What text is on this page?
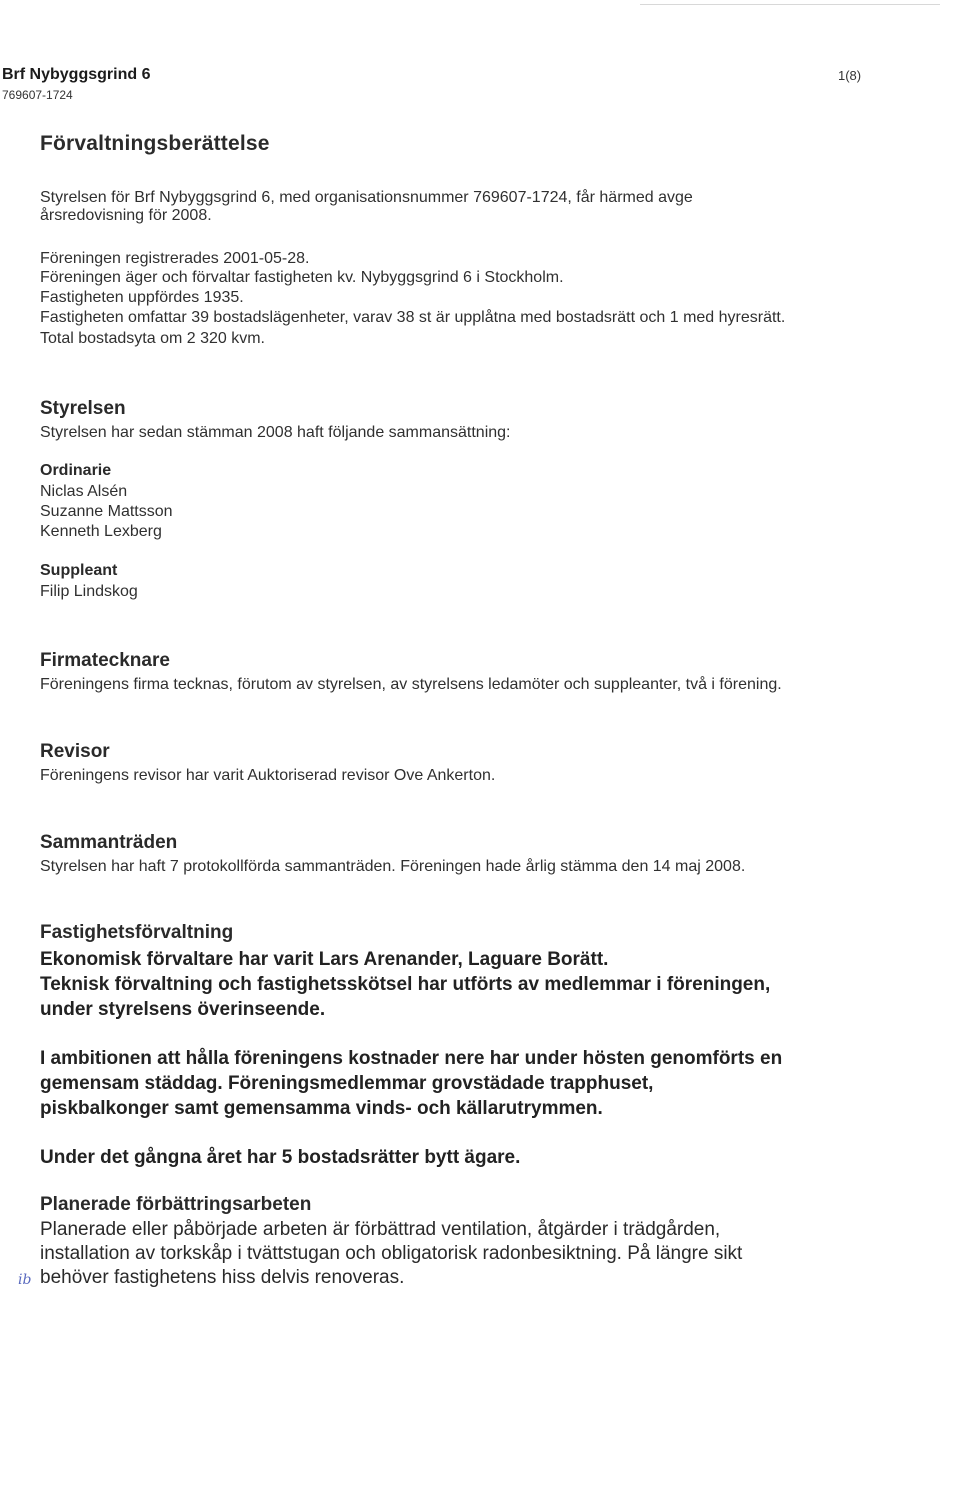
Brf Nybyggsgrind 6
769607-1724
1(8)
Förvaltningsberättelse
Styrelsen för Brf Nybyggsgrind 6, med organisationsnummer 769607-1724, får härmed avge
årsredovisning för 2008.
Föreningen registrerades 2001-05-28.
Föreningen äger och förvaltar fastigheten kv. Nybyggsgrind 6 i Stockholm.
Fastigheten uppfördes 1935.
Fastigheten omfattar 39 bostadslägenheter, varav 38 st är upplåtna med bostadsrätt och 1 med hyresrätt.
Total bostadsyta om 2 320 kvm.
Styrelsen
Styrelsen har sedan stämman 2008 haft följande sammansättning:
Ordinarie
Niclas Alsén
Suzanne Mattsson
Kenneth Lexberg
Suppleant
Filip Lindskog
Firmatecknare
Föreningens firma tecknas, förutom av styrelsen, av styrelsens ledamöter och suppleanter, två i förening.
Revisor
Föreningens revisor har varit Auktoriserad revisor Ove Ankerton.
Sammanträden
Styrelsen har haft 7 protokollförda sammanträden. Föreningen hade årlig stämma den 14 maj 2008.
Fastighetsförvaltning
Ekonomisk förvaltare har varit Lars Arenander, Laguare Borätt.
Teknisk förvaltning och fastighetsskötsel har utförts av medlemmar i föreningen,
under styrelsens överinseende.
I ambitionen att hålla föreningens kostnader nere har under hösten genomförts en
gemensam städdag. Föreningsmedlemmar grovstädade trapphuset,
piskbalkonger samt gemensamma vinds- och källarutrymmen.
Under det gångna året har 5 bostadsrätter bytt ägare.
Planerade förbättringsarbeten
Planerade eller påbörjade arbeten är förbättrad ventilation, åtgärder i trädgården,
installation av torkskåp i tvättstugan och obligatorisk radonbesiktning. På längre sikt
behöver fastighetens hiss delvis renoveras.
ib
